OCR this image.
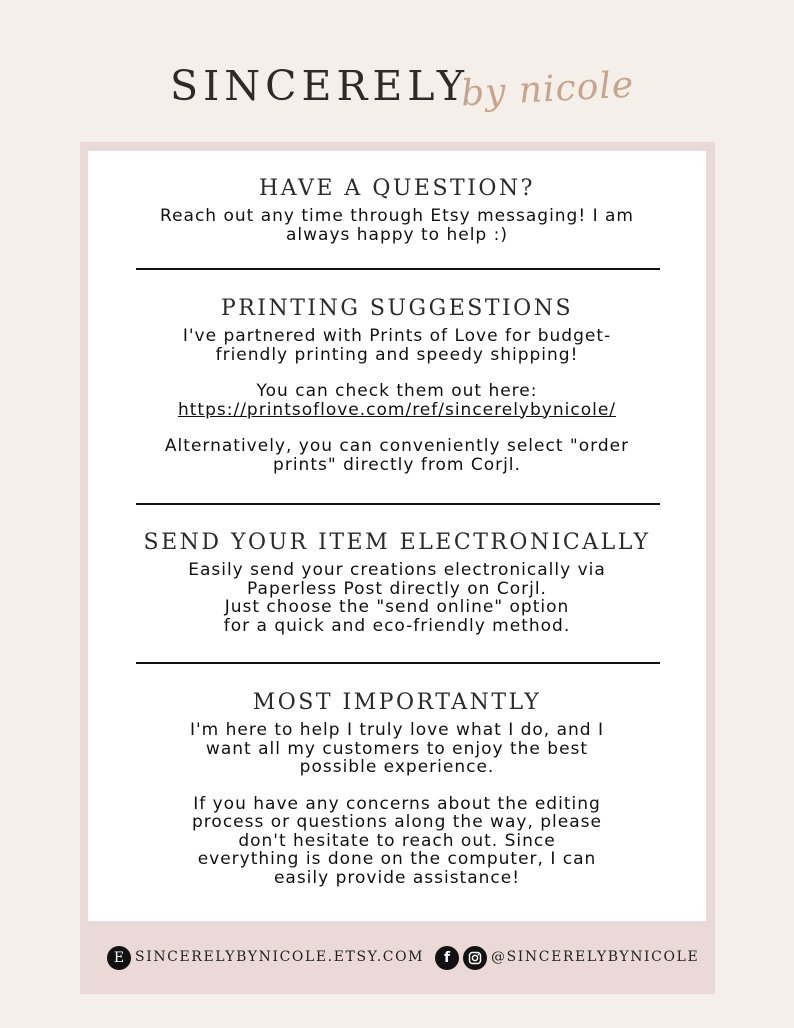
SINCERELY
by nicole
HAVE A QUESTION?

Reach out any time through Etsy messaging! I am
always happy to help :)

PRINTING SUGGESTIONS

I've partnered with Prints of Love for budget-
friendly printing and speedy shipping!

You can check them out here:
https://printsoflove.com/ref/sincerelybynicole/

Alternatively, you can conveniently select "order
prints" directly from Corjl.

SEND YOUR ITEM ELECTRONICALLY

Easily send your creations electronically via
Paperless Post directly on Corjl.
Just choose the "send online" option
for a quick and eco-friendly method.

MOST IMPORTANTLY

I'm here to help I truly love what I do, and I
want all my customers to enjoy the best
possible experience.

If you have any concerns about the editing
process or questions along the way, please
don't hesitate to reach out. Since
everything is done on the computer, I can
easily provide assistance!

E SINCERELYBYNICOLE.ETSY.COM	f	@SINCERELYBYNICOLE
